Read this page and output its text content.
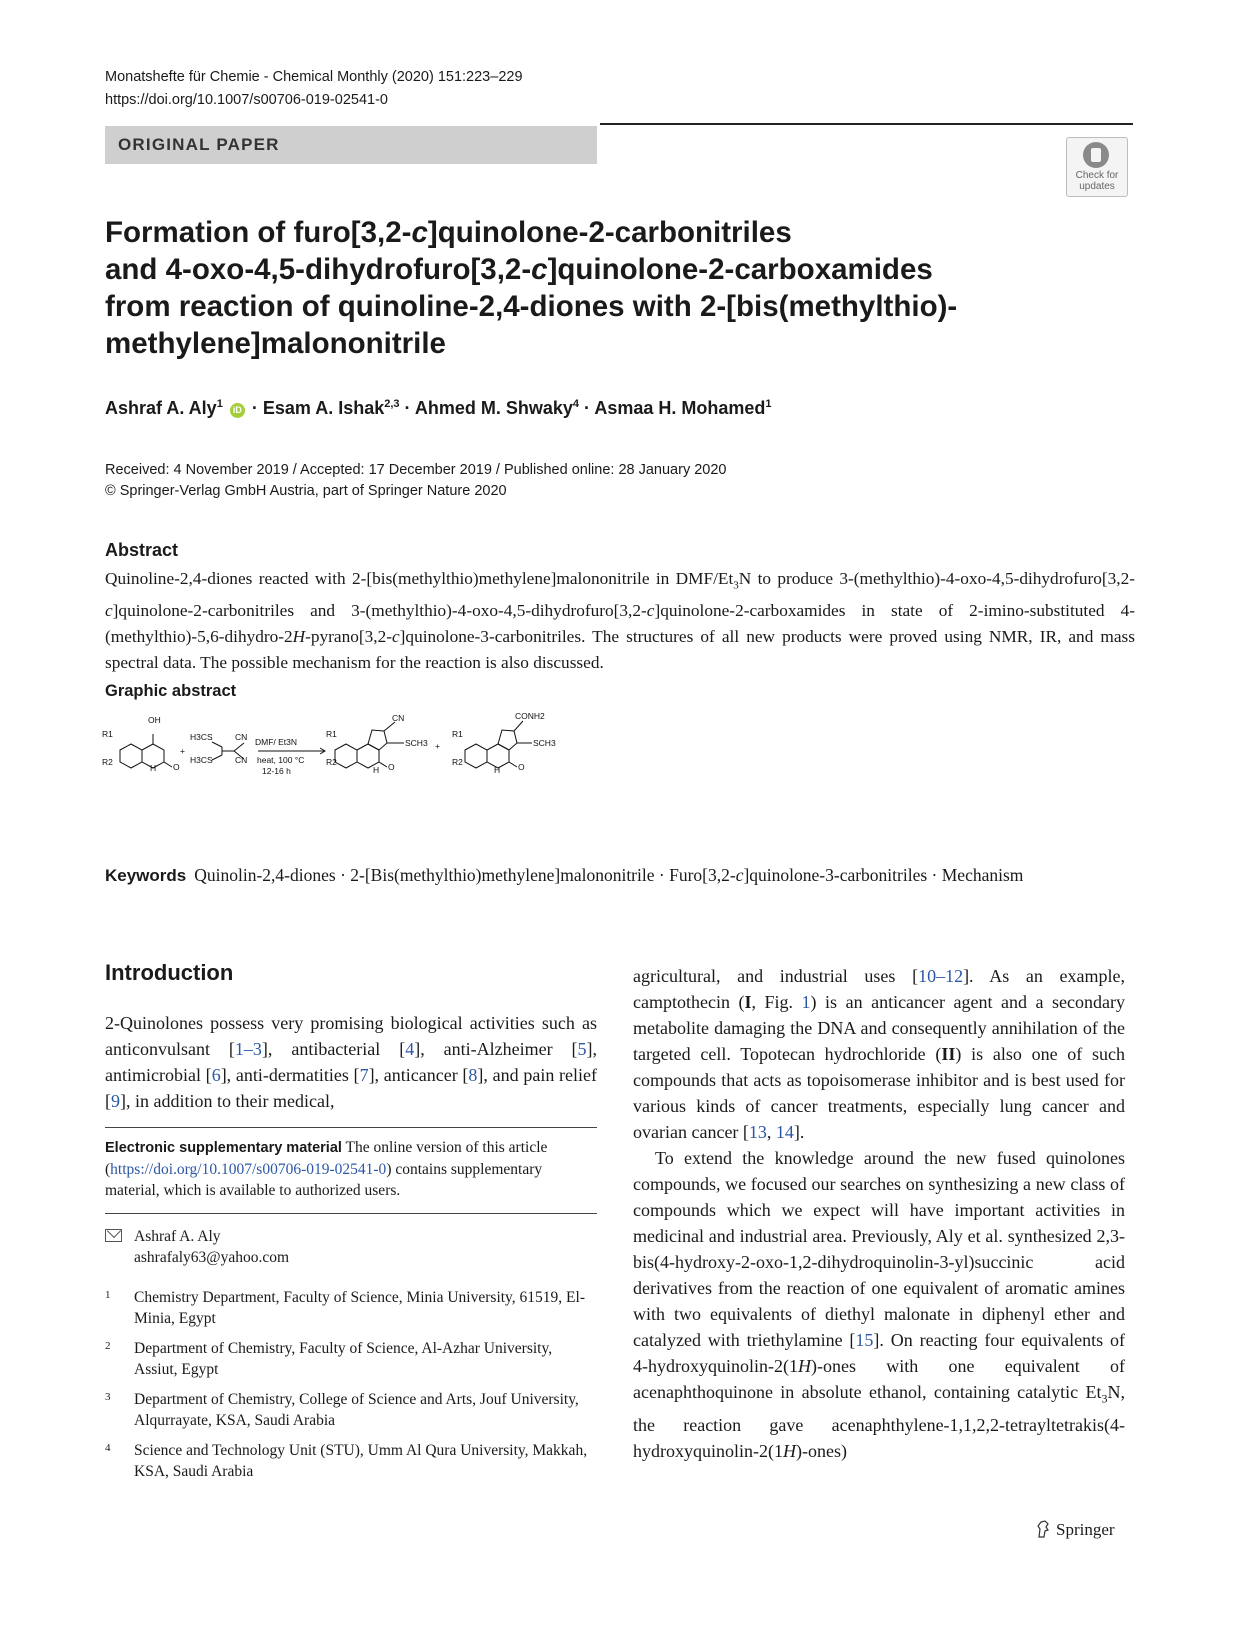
Monatshefte für Chemie - Chemical Monthly (2020) 151:223–229
https://doi.org/10.1007/s00706-019-02541-0
ORIGINAL PAPER
Check for updates
Formation of furo[3,2-c]quinolone-2-carbonitriles
and 4-oxo-4,5-dihydrofuro[3,2-c]quinolone-2-carboxamides
from reaction of quinoline-2,4-diones with 2-[bis(methylthio)-
methylene]malononitrile
Ashraf A. Aly$^1$ iD · Esam A. Ishak$^{2,3}$ · Ahmed M. Shwaky$^4$ · Asmaa H. Mohamed$^1$
Received: 4 November 2019 / Accepted: 17 December 2019 / Published online: 28 January 2020
© Springer-Verlag GmbH Austria, part of Springer Nature 2020
Abstract
Quinoline-2,4-diones reacted with 2-[bis(methylthio)methylene]malononitrile in DMF/$Et_3N$ to produce 3-(methylthio)-4-oxo-4,5-dihydrofuro[3,2-c]quinolone-2-carbonitriles and 3-(methylthio)-4-oxo-4,5-dihydrofuro[3,2-c]quinolone-2-carboxamides in state of 2-imino-substituted 4-(methylthio)-5,6-dihydro-2H-pyrano[3,2-c]quinolone-3-carbonitriles. The structures of all new products were proved using NMR, IR, and mass spectral data. The possible mechanism for the reaction is also discussed.
Graphic abstract
OH
R1
R2
H O
+
H3CS
H3CS
CN
CN
DMF/ Et3N
heat, 100 °C
12-16 h
CN
SCH3 +
R1
R2
R1
R2
H O
CONH2
SCH3
H O
Keywords Quinolin-2,4-diones · 2-[Bis(methylthio)methylene]malononitrile · Furo[3,2-c]quinolone-3-carbonitriles · Mechanism
Introduction
2-Quinolones possess very promising biological activities such as anticonvulsant [1–3], antibacterial [4], anti-Alzheimer [5], antimicrobial [6], anti-dermatities [7], anticancer [8], and pain relief [9], in addition to their medical,
Electronic supplementary material The online version of this article (https://doi.org/10.1007/s00706-019-02541-0) contains supplementary material, which is available to authorized users.
Ashraf A. Aly
ashrafaly63@yahoo.com
1 Chemistry Department, Faculty of Science, Minia University, 61519, El-Minia, Egypt
2 Department of Chemistry, Faculty of Science, Al-Azhar University, Assiut, Egypt
3 Department of Chemistry, College of Science and Arts, Jouf University, Alqurrayate, KSA, Saudi Arabia
4 Science and Technology Unit (STU), Umm Al Qura University, Makkah, KSA, Saudi Arabia
agricultural, and industrial uses [10–12]. As an example, camptothecin (I, Fig. 1) is an anticancer agent and a secondary metabolite damaging the DNA and consequently annihilation of the targeted cell. Topotecan hydrochloride (II) is also one of such compounds that acts as topoisomerase inhibitor and is best used for various kinds of cancer treatments, especially lung cancer and ovarian cancer [13, 14].
To extend the knowledge around the new fused quinolones compounds, we focused our searches on synthesizing a new class of compounds which we expect will have important activities in medicinal and industrial area. Previously, Aly et al. synthesized 2,3-bis(4-hydroxy-2-oxo-1,2-dihydroquinolin-3-yl)succinic acid derivatives from the reaction of one equivalent of aromatic amines with two equivalents of diethyl malonate in diphenyl ether and catalyzed with triethylamine [15]. On reacting four equivalents of 4-hydroxyquinolin-2(1H)-ones with one equivalent of acenaphthoquinone in absolute ethanol, containing catalytic $Et_3N$, the reaction gave acenaphthylene-1,1,2,2-tetrayltetrakis(4-hydroxyquinolin-2(1H)-ones)
Springer
